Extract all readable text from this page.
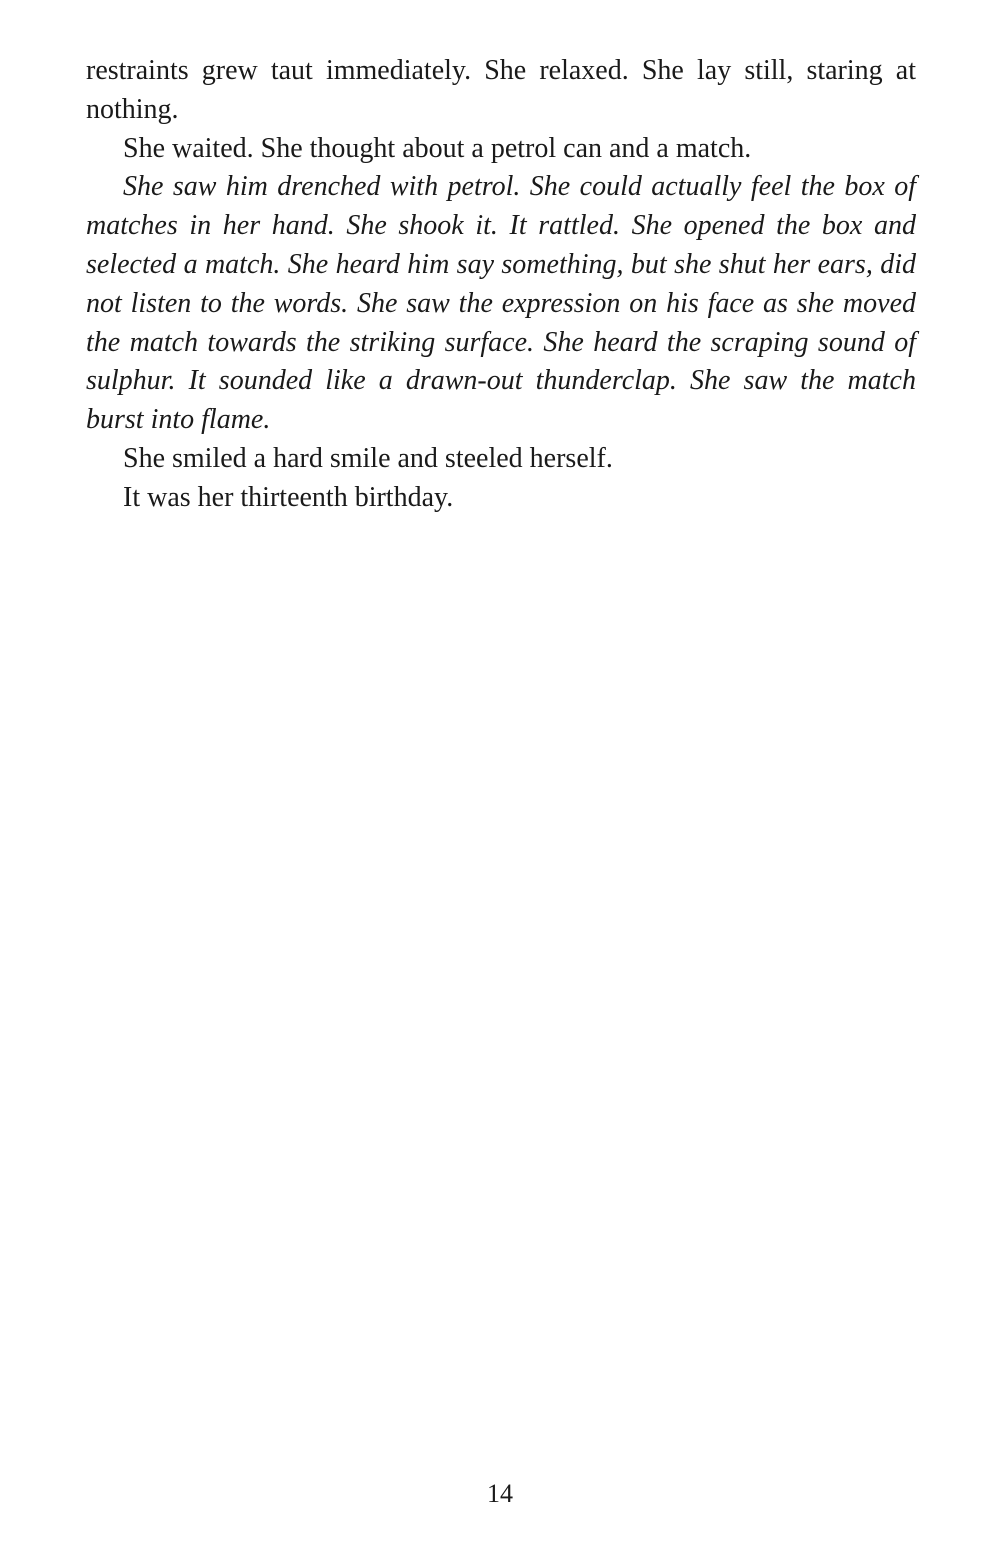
restraints grew taut immediately. She relaxed. She lay still, staring at nothing.

She waited. She thought about a petrol can and a match.

She saw him drenched with petrol. She could actually feel the box of matches in her hand. She shook it. It rattled. She opened the box and selected a match. She heard him say something, but she shut her ears, did not listen to the words. She saw the expression on his face as she moved the match towards the striking surface. She heard the scraping sound of sulphur. It sounded like a drawn-out thunderclap. She saw the match burst into flame.

She smiled a hard smile and steeled herself.

It was her thirteenth birthday.

14
